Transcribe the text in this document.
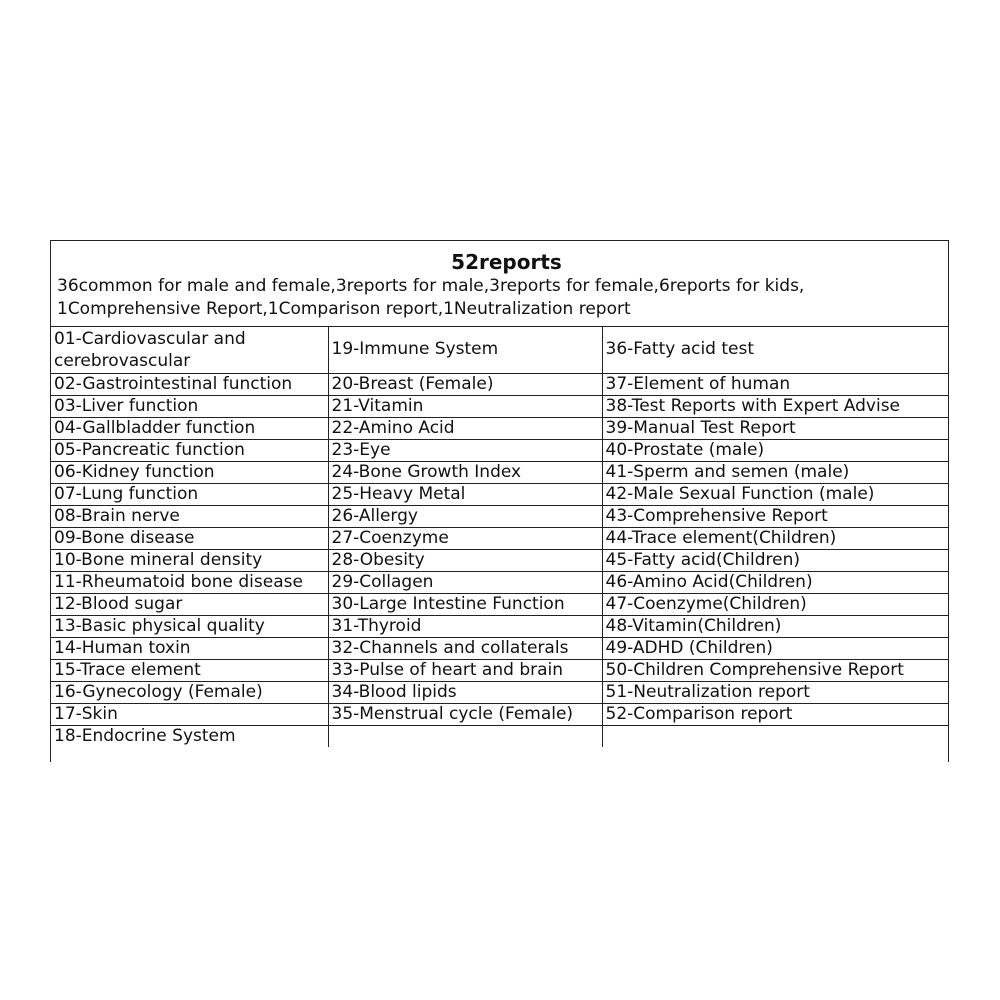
52reports

36common for male and female,3reports for male,3reports for female,6reports for kids,

1Comprehensive Report,1Comparison report,1Neutralization report

01-Cardiovascular and cerebrovascular	19-Immune System	36-Fatty acid test
02-Gastrointestinal function	20-Breast (Female)	37-Element of human
03-Liver function	21-Vitamin	38-Test Reports with Expert Advise
04-Gallbladder function	22-Amino Acid	39-Manual Test Report
05-Pancreatic function	23-Eye	40-Prostate (male)
06-Kidney function	24-Bone Growth Index	41-Sperm and semen (male)
07-Lung function	25-Heavy Metal	42-Male Sexual Function (male)
08-Brain nerve	26-Allergy	43-Comprehensive Report
09-Bone disease	27-Coenzyme	44-Trace element(Children)
10-Bone mineral density	28-Obesity	45-Fatty acid(Children)
11-Rheumatoid bone disease	29-Collagen	46-Amino Acid(Children)
12-Blood sugar	30-Large Intestine Function	47-Coenzyme(Children)
13-Basic physical quality	31-Thyroid	48-Vitamin(Children)
14-Human toxin	32-Channels and collaterals	49-ADHD (Children)
15-Trace element	33-Pulse of heart and brain	50-Children Comprehensive Report
16-Gynecology (Female)	34-Blood lipids	51-Neutralization report
17-Skin	35-Menstrual cycle (Female)	52-Comparison report
18-Endocrine System		
